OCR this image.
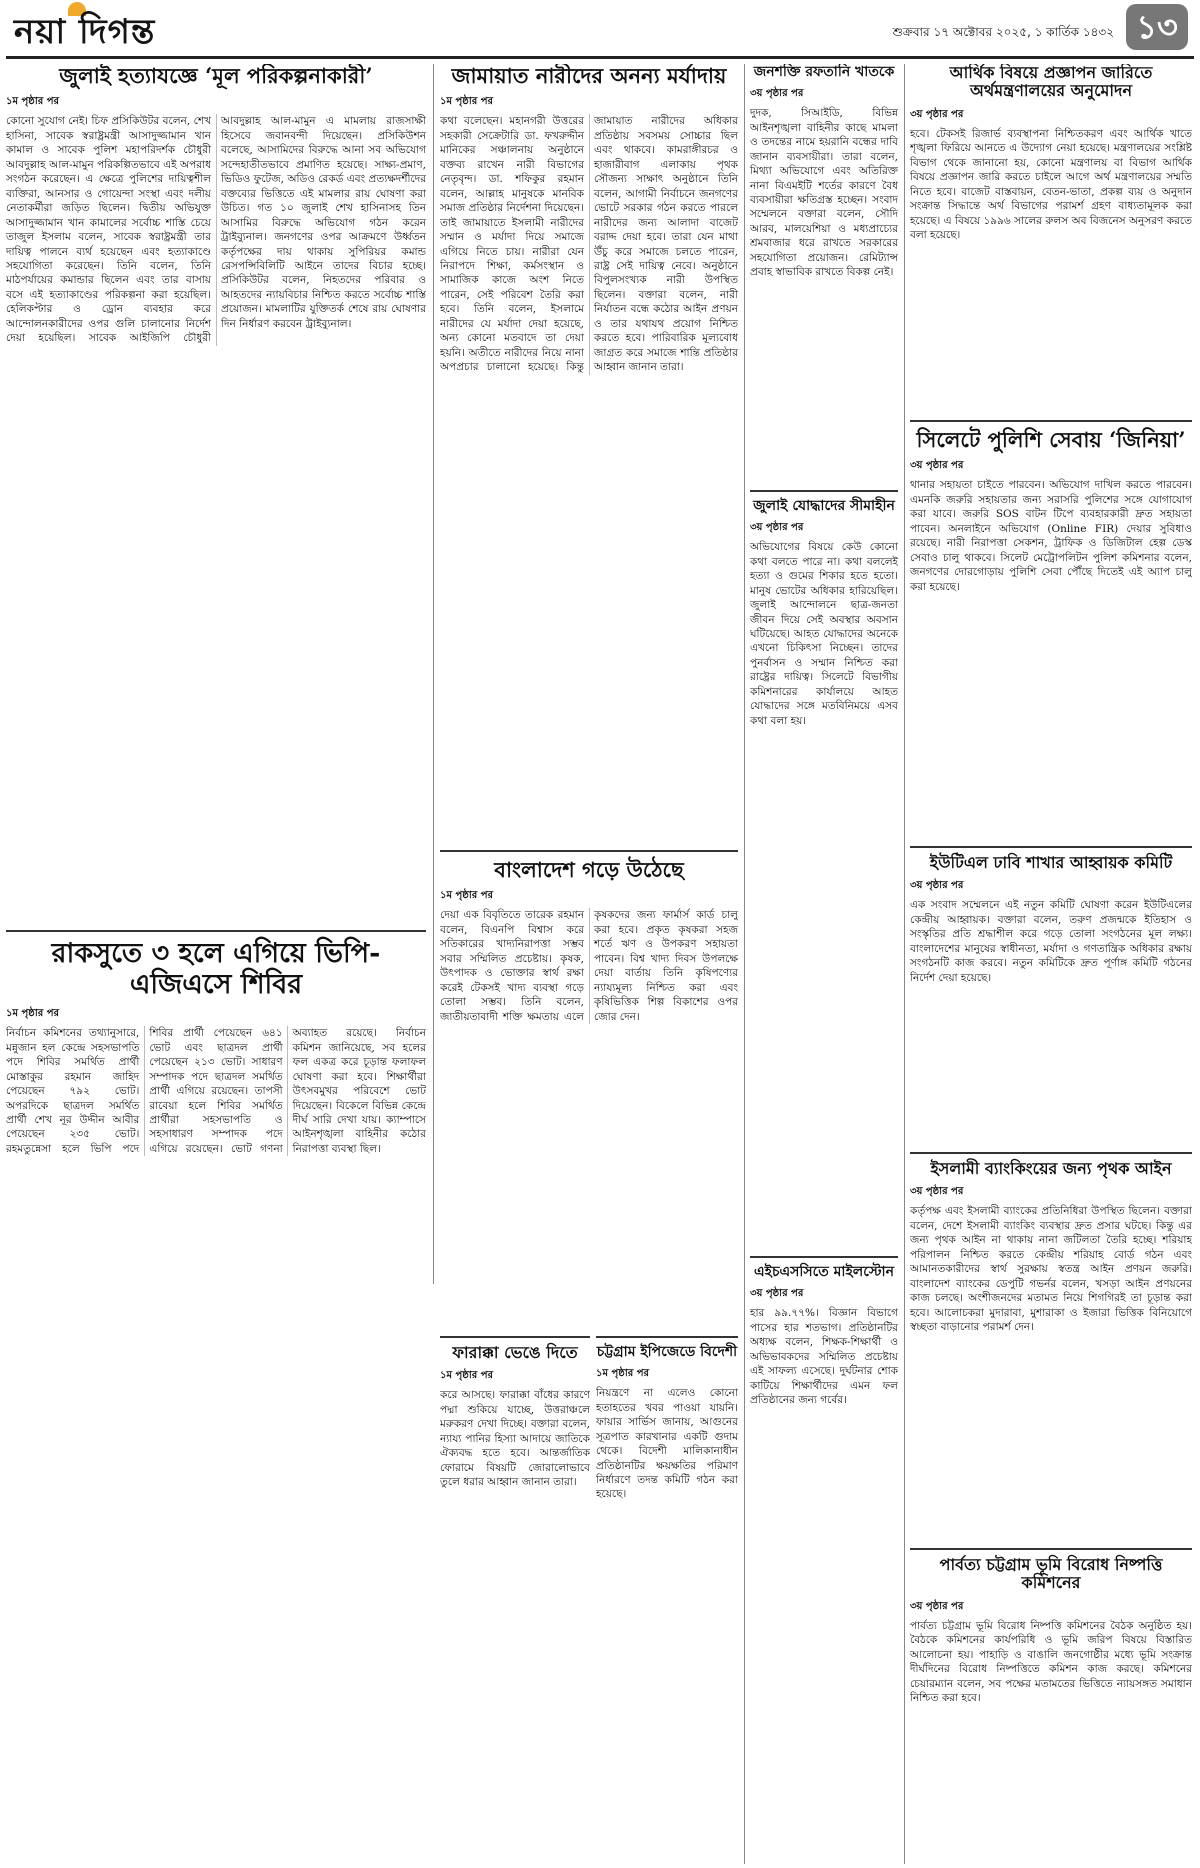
নয়া দিগন্ত	শুক্রবার ১৭ অক্টোবর ২০২৫, ১ কার্তিক ১৪৩২ ১৩
জুলাই হত্যাযজ্ঞে ‘মূল পরিকল্পনাকারী’

১ম পৃষ্ঠার পর

কোনো সুযোগ নেই। চিফ প্রসিকিউটর বলেন, শেখ হাসিনা, সাবেক স্বরাষ্ট্রমন্ত্রী আসাদুজ্জামান খান কামাল ও সাবেক পুলিশ মহাপরিদর্শক চৌধুরী আবদুল্লাহ আল-মামুন পরিকল্পিতভাবে এই অপরাধ সংগঠন করেছেন। এ ক্ষেত্রে পুলিশের দায়িত্বশীল ব্যক্তিরা, আনসার ও গোয়েন্দা সংস্থা এবং দলীয় নেতাকর্মীরা জড়িত ছিলেন। দ্বিতীয় অভিযুক্ত আসাদুজ্জামান খান কামালের সর্বোচ্চ শাস্তি চেয়ে তাজুল ইসলাম বলেন, সাবেক স্বরাষ্ট্রমন্ত্রী তার দায়িত্ব পালনে ব্যর্থ হয়েছেন এবং হত্যাকাণ্ডে সহযোগিতা করেছেন। তিনি বলেন, তিনি মাঠপর্যায়ের কমান্ডার ছিলেন এবং তার বাসায় বসে এই হত্যাকাণ্ডের পরিকল্পনা করা হয়েছিল। হেলিকপ্টার ও ড্রোন ব্যবহার করে আন্দোলনকারীদের ওপর গুলি চালানোর নির্দেশ দেয়া হয়েছিল। সাবেক আইজিপি চৌধুরী আবদুল্লাহ আল-মামুন এ মামলায় রাজসাক্ষী হিসেবে জবানবন্দী দিয়েছেন। প্রসিকিউশন বলেছে, আসামিদের বিরুদ্ধে আনা সব অভিযোগ সন্দেহাতীতভাবে প্রমাণিত হয়েছে। সাক্ষ্য-প্রমাণ, ভিডিও ফুটেজ, অডিও রেকর্ড এবং প্রত্যক্ষদর্শীদের বক্তব্যের ভিত্তিতে এই মামলার রায় ঘোষণা করা উচিত। গত ১০ জুলাই শেখ হাসিনাসহ তিন আসামির বিরুদ্ধে অভিযোগ গঠন করেন ট্রাইব্যুনাল। জনগণের ওপর আক্রমণে উর্ধ্বতন কর্তৃপক্ষের দায় থাকায় সুপিরিয়র কমান্ড রেসপন্সিবিলিটি আইনে তাদের বিচার হচ্ছে। প্রসিকিউটর বলেন, নিহতদের পরিবার ও আহতদের ন্যায়বিচার নিশ্চিত করতে সর্বোচ্চ শাস্তি প্রয়োজন। মামলাটির যুক্তিতর্ক শেষে রায় ঘোষণার দিন নির্ধারণ করবেন ট্রাইব্যুনাল।

জামায়াত নারীদের অনন্য মর্যাদায়

১ম পৃষ্ঠার পর

কথা বলেছেন। মহানগরী উত্তরের সহকারী সেক্রেটারি ডা. ফখরুদ্দীন মানিকের সঞ্চালনায় অনুষ্ঠানে বক্তব্য রাখেন নারী বিভাগের নেতৃবৃন্দ। ডা. শফিকুর রহমান বলেন, আল্লাহ মানুষকে মানবিক সমাজ প্রতিষ্ঠার নির্দেশনা দিয়েছেন। তাই জামায়াতে ইসলামী নারীদের সম্মান ও মর্যাদা দিয়ে সমাজে এগিয়ে নিতে চায়। নারীরা যেন নিরাপদে শিক্ষা, কর্মসংস্থান ও সামাজিক কাজে অংশ নিতে পারেন, সেই পরিবেশ তৈরি করা হবে। তিনি বলেন, ইসলামে নারীদের যে মর্যাদা দেয়া হয়েছে, অন্য কোনো মতবাদে তা দেয়া হয়নি। অতীতে নারীদের নিয়ে নানা অপপ্রচার চালানো হয়েছে। কিন্তু জামায়াত নারীদের অধিকার প্রতিষ্ঠায় সবসময় সোচ্চার ছিল এবং থাকবে। কামরাঙ্গীরচর ও হাজারীবাগ এলাকায় পৃথক সৌজন্য সাক্ষাৎ অনুষ্ঠানে তিনি বলেন, আগামী নির্বাচনে জনগণের ভোটে সরকার গঠন করতে পারলে নারীদের জন্য আলাদা বাজেট বরাদ্দ দেয়া হবে। তারা যেন মাথা উঁচু করে সমাজে চলতে পারেন, রাষ্ট্র সেই দায়িত্ব নেবে। অনুষ্ঠানে বিপুলসংখ্যক নারী উপস্থিত ছিলেন। বক্তারা বলেন, নারী নির্যাতন বন্ধে কঠোর আইন প্রণয়ন ও তার যথাযথ প্রয়োগ নিশ্চিত করতে হবে। পারিবারিক মূল্যবোধ জাগ্রত করে সমাজে শান্তি প্রতিষ্ঠার আহ্বান জানান তারা।

রাকসুতে ৩ হলে এগিয়ে ভিপি-এজিএসে শিবির

১ম পৃষ্ঠার পর

নির্বাচন কমিশনের তথ্যানুসারে, মন্নুজান হল কেন্দ্রে সহসভাপতি পদে শিবির সমর্থিত প্রার্থী মোস্তাকুর রহমান জাহিদ পেয়েছেন ৭৯২ ভোট। অপরদিকে ছাত্রদল সমর্থিত প্রার্থী শেখ নূর উদ্দীন আবীর পেয়েছেন ২৩৫ ভোট। রহমতুন্নেসা হলে ভিপি পদে শিবির প্রার্থী পেয়েছেন ৬৪১ ভোট এবং ছাত্রদল প্রার্থী পেয়েছেন ২১৩ ভোট। সাধারণ সম্পাদক পদে ছাত্রদল সমর্থিত প্রার্থী এগিয়ে রয়েছেন। তাপসী রাবেয়া হলে শিবির সমর্থিত প্রার্থীরা সহসভাপতি ও সহসাধারণ সম্পাদক পদে এগিয়ে রয়েছেন। ভোট গণনা অব্যাহত রয়েছে। নির্বাচন কমিশন জানিয়েছে, সব হলের ফল একত্র করে চূড়ান্ত ফলাফল ঘোষণা করা হবে। শিক্ষার্থীরা উৎসবমুখর পরিবেশে ভোট দিয়েছেন। বিকেলে বিভিন্ন কেন্দ্রে দীর্ঘ সারি দেখা যায়। ক্যাম্পাসে আইনশৃঙ্খলা বাহিনীর কঠোর নিরাপত্তা ব্যবস্থা ছিল।

বাংলাদেশ গড়ে উঠেছে

১ম পৃষ্ঠার পর

দেয়া এক বিবৃতিতে তারেক রহমান বলেন, বিএনপি বিশ্বাস করে সতিকারের খাদ্যনিরাপত্তা সম্ভব সবার সম্মিলিত প্রচেষ্টায়। কৃষক, উৎপাদক ও ভোক্তার স্বার্থ রক্ষা করেই টেকসই খাদ্য ব্যবস্থা গড়ে তোলা সম্ভব। তিনি বলেন, জাতীয়তাবাদী শক্তি ক্ষমতায় এলে কৃষকদের জন্য ফার্মার্স কার্ড চালু করা হবে। প্রকৃত কৃষকরা সহজ শর্তে ঋণ ও উপকরণ সহায়তা পাবেন। বিশ্ব খাদ্য দিবস উপলক্ষে দেয়া বার্তায় তিনি কৃষিপণ্যের ন্যায্যমূল্য নিশ্চিত করা এবং কৃষিভিত্তিক শিল্প বিকাশের ওপর জোর দেন।

ফারাক্কা ভেঙে দিতে

১ম পৃষ্ঠার পর

করে আসছে। ফারাক্কা বাঁধের কারণে পদ্মা শুকিয়ে যাচ্ছে, উত্তরাঞ্চলে মরুকরণ দেখা দিচ্ছে। বক্তারা বলেন, ন্যায্য পানির হিস্যা আদায়ে জাতিকে ঐক্যবদ্ধ হতে হবে। আন্তর্জাতিক ফোরামে বিষয়টি জোরালোভাবে তুলে ধরার আহ্বান জানান তারা।

চট্টগ্রাম ইপিজেডে বিদেশী

১ম পৃষ্ঠার পর

নিয়ন্ত্রণে না এলেও কোনো হতাহতের খবর পাওয়া যায়নি। ফায়ার সার্ভিস জানায়, আগুনের সূত্রপাত কারখানার একটি গুদাম থেকে। বিদেশী মালিকানাধীন প্রতিষ্ঠানটির ক্ষয়ক্ষতির পরিমাণ নির্ধারণে তদন্ত কমিটি গঠন করা হয়েছে।

জনশক্তি রফতানি খাতকে

৩য় পৃষ্ঠার পর

দুদক, সিআইডি, বিভিন্ন আইনশৃঙ্খলা বাহিনীর কাছে মামলা ও তদন্তের নামে হয়রানি বন্ধের দাবি জানান ব্যবসায়ীরা। তারা বলেন, মিথ্যা অভিযোগে এবং অতিরিক্ত নানা বিএমইটি শর্তের কারণে বৈধ ব্যবসায়ীরা ক্ষতিগ্রস্ত হচ্ছেন। সংবাদ সম্মেলনে বক্তারা বলেন, সৌদি আরব, মালয়েশিয়া ও মধ্যপ্রাচ্যের শ্রমবাজার ধরে রাখতে সরকারের সহযোগিতা প্রয়োজন। রেমিট্যান্স প্রবাহ স্বাভাবিক রাখতে বিকল্প নেই।

জুলাই যোদ্ধাদের সীমাহীন

৩য় পৃষ্ঠার পর

অভিযোগের বিষয়ে কেউ কোনো কথা বলতে পারে না। কথা বললেই হত্যা ও গুমের শিকার হতে হতো। মানুষ ভোটের অধিকার হারিয়েছিল। জুলাই আন্দোলনে ছাত্র-জনতা জীবন দিয়ে সেই অবস্থার অবসান ঘটিয়েছে। আহত যোদ্ধাদের অনেকে এখনো চিকিৎসা নিচ্ছেন। তাদের পুনর্বাসন ও সম্মান নিশ্চিত করা রাষ্ট্রের দায়িত্ব। সিলেটে বিভাগীয় কমিশনারের কার্যালয়ে আহত যোদ্ধাদের সঙ্গে মতবিনিময়ে এসব কথা বলা হয়।

এইচএসসিতে মাইলস্টোন

৩য় পৃষ্ঠার পর

হার ৯৯.৭৭%। বিজ্ঞান বিভাগে পাসের হার শতভাগ। প্রতিষ্ঠানটির অধ্যক্ষ বলেন, শিক্ষক-শিক্ষার্থী ও অভিভাবকদের সম্মিলিত প্রচেষ্টায় এই সাফল্য এসেছে। দুর্ঘটনার শোক কাটিয়ে শিক্ষার্থীদের এমন ফল প্রতিষ্ঠানের জন্য গর্বের।

আর্থিক বিষয়ে প্রজ্ঞাপন জারিতে অর্থমন্ত্রণালয়ের অনুমোদন

৩য় পৃষ্ঠার পর

হবে। টেকসই রিজার্ভ ব্যবস্থাপনা নিশ্চিতকরণ এবং আর্থিক খাতে শৃঙ্খলা ফিরিয়ে আনতে এ উদ্যোগ নেয়া হয়েছে। মন্ত্রণালয়ের সংশ্লিষ্ট বিভাগ থেকে জানানো হয়, কোনো মন্ত্রণালয় বা বিভাগ আর্থিক বিষয়ে প্রজ্ঞাপন জারি করতে চাইলে আগে অর্থ মন্ত্রণালয়ের সম্মতি নিতে হবে। বাজেট বাস্তবায়ন, বেতন-ভাতা, প্রকল্প ব্যয় ও অনুদান সংক্রান্ত সিদ্ধান্তে অর্থ বিভাগের পরামর্শ গ্রহণ বাধ্যতামূলক করা হয়েছে। এ বিষয়ে ১৯৯৬ সালের রুলস অব বিজনেস অনুসরণ করতে বলা হয়েছে।

সিলেটে পুলিশি সেবায় ‘জিনিয়া’

৩য় পৃষ্ঠার পর

থানার সহায়তা চাইতে পারবেন। অভিযোগ দাখিল করতে পারবেন। এমনকি জরুরি সহায়তার জন্য সরাসরি পুলিশের সঙ্গে যোগাযোগ করা যাবে। জরুরি SOS বাটন টিপে ব্যবহারকারী দ্রুত সহায়তা পাবেন। অনলাইনে অভিযোগ (Online FIR) দেয়ার সুবিধাও রয়েছে। নারী নিরাপত্তা সেকশন, ট্রাফিক ও ডিজিটাল হেল্প ডেস্ক সেবাও চালু থাকবে। সিলেট মেট্রোপলিটন পুলিশ কমিশনার বলেন, জনগণের দোরগোড়ায় পুলিশি সেবা পৌঁছে দিতেই এই অ্যাপ চালু করা হয়েছে।

ইউটিএল ঢাবি শাখার আহ্বায়ক কমিটি

৩য় পৃষ্ঠার পর

এক সংবাদ সম্মেলনে এই নতুন কমিটি ঘোষণা করেন ইউটিএলের কেন্দ্রীয় আহ্বায়ক। বক্তারা বলেন, তরুণ প্রজন্মকে ইতিহাস ও সংস্কৃতির প্রতি শ্রদ্ধাশীল করে গড়ে তোলা সংগঠনের মূল লক্ষ্য। বাংলাদেশের মানুষের স্বাধীনতা, মর্যাদা ও গণতান্ত্রিক অধিকার রক্ষায় সংগঠনটি কাজ করবে। নতুন কমিটিকে দ্রুত পূর্ণাঙ্গ কমিটি গঠনের নির্দেশ দেয়া হয়েছে।

ইসলামী ব্যাংকিংয়ের জন্য পৃথক আইন

৩য় পৃষ্ঠার পর

কর্তৃপক্ষ এবং ইসলামী ব্যাংকের প্রতিনিধিরা উপস্থিত ছিলেন। বক্তারা বলেন, দেশে ইসলামী ব্যাংকিং ব্যবস্থার দ্রুত প্রসার ঘটছে। কিন্তু এর জন্য পৃথক আইন না থাকায় নানা জটিলতা তৈরি হচ্ছে। শরিয়াহ পরিপালন নিশ্চিত করতে কেন্দ্রীয় শরিয়াহ বোর্ড গঠন এবং আমানতকারীদের স্বার্থ সুরক্ষায় স্বতন্ত্র আইন প্রণয়ন জরুরি। বাংলাদেশ ব্যাংকের ডেপুটি গভর্নর বলেন, খসড়া আইন প্রণয়নের কাজ চলছে। অংশীজনদের মতামত নিয়ে শিগগিরই তা চূড়ান্ত করা হবে। আলোচকরা মুদারাবা, মুশারাকা ও ইজারা ভিত্তিক বিনিয়োগে স্বচ্ছতা বাড়ানোর পরামর্শ দেন।

পার্বত্য চট্টগ্রাম ভূমি বিরোধ নিষ্পত্তি কমিশনের

৩য় পৃষ্ঠার পর

পার্বত্য চট্টগ্রাম ভূমি বিরোধ নিষ্পত্তি কমিশনের বৈঠক অনুষ্ঠিত হয়। বৈঠকে কমিশনের কার্যপরিধি ও ভূমি জরিপ বিষয়ে বিস্তারিত আলোচনা হয়। পাহাড়ি ও বাঙালি জনগোষ্ঠীর মধ্যে ভূমি সংক্রান্ত দীর্ঘদিনের বিরোধ নিষ্পত্তিতে কমিশন কাজ করছে। কমিশনের চেয়ারম্যান বলেন, সব পক্ষের মতামতের ভিত্তিতে ন্যায়সঙ্গত সমাধান নিশ্চিত করা হবে।
